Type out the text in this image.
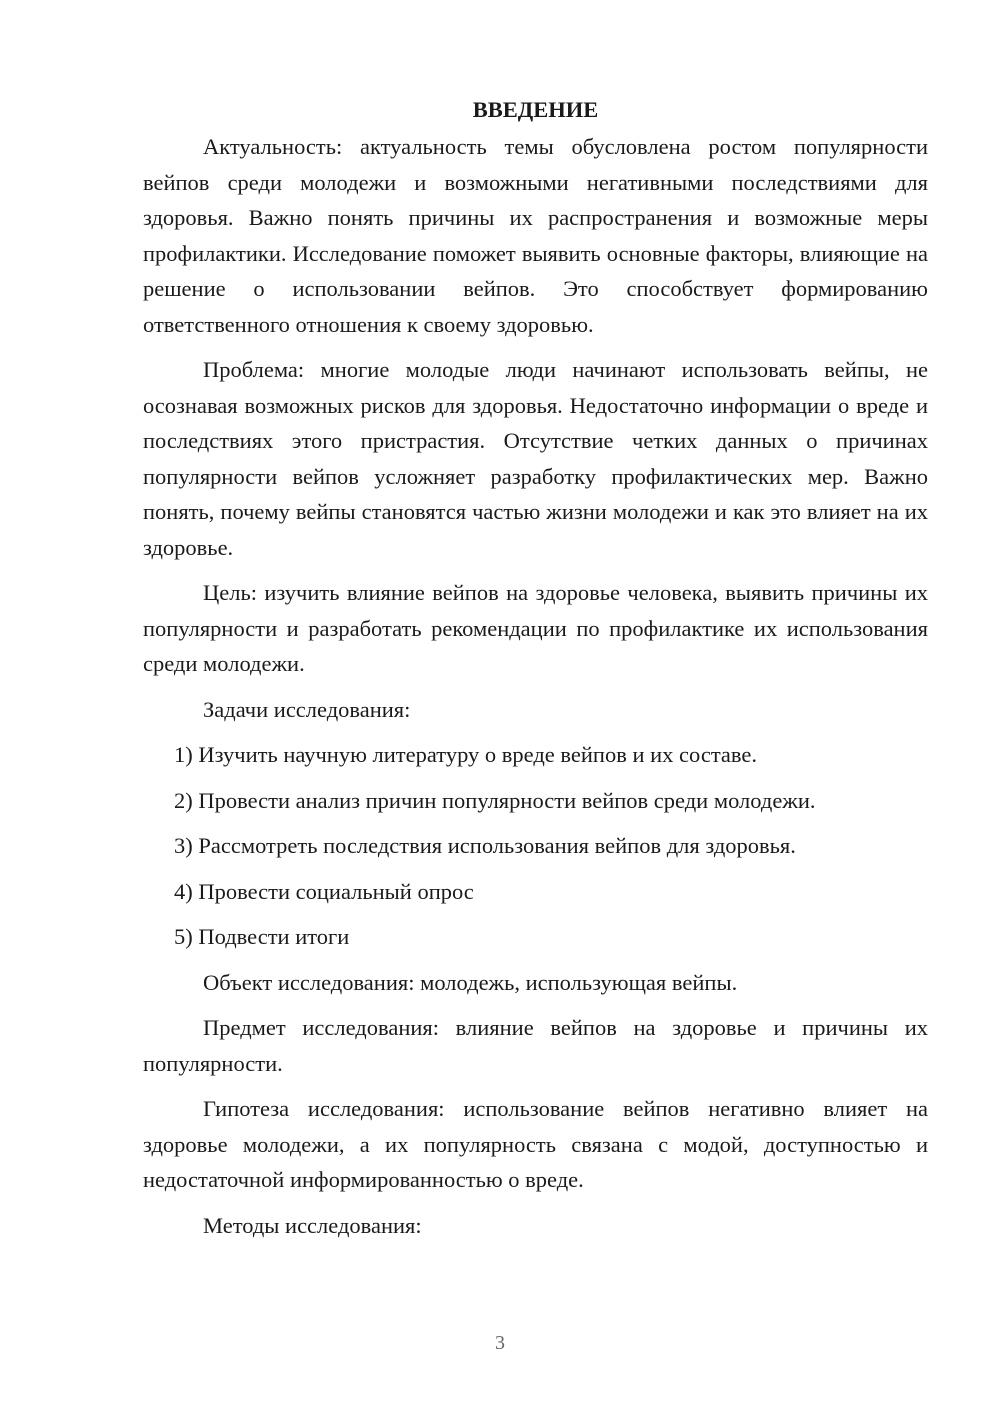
ВВЕДЕНИЕ

Актуальность: актуальность темы обусловлена ростом популярности вейпов среди молодежи и возможными негативными последствиями для здоровья. Важно понять причины их распространения и возможные меры профилактики. Исследование поможет выявить основные факторы, влияющие на решение о использовании вейпов. Это способствует формированию ответственного отношения к своему здоровью.

Проблема: многие молодые люди начинают использовать вейпы, не осознавая возможных рисков для здоровья. Недостаточно информации о вреде и последствиях этого пристрастия. Отсутствие четких данных о причинах популярности вейпов усложняет разработку профилактических мер. Важно понять, почему вейпы становятся частью жизни молодежи и как это влияет на их здоровье.

Цель: изучить влияние вейпов на здоровье человека, выявить причины их популярности и разработать рекомендации по профилактике их использования среди молодежи.

Задачи исследования:

1) Изучить научную литературу о вреде вейпов и их составе.

2) Провести анализ причин популярности вейпов среди молодежи.

3) Рассмотреть последствия использования вейпов для здоровья.

4) Провести социальный опрос

5) Подвести итоги

Объект исследования: молодежь, использующая вейпы.

Предмет исследования: влияние вейпов на здоровье и причины их популярности.

Гипотеза исследования: использование вейпов негативно влияет на здоровье молодежи, а их популярность связана с модой, доступностью и недостаточной информированностью о вреде.

Методы исследования:

3
